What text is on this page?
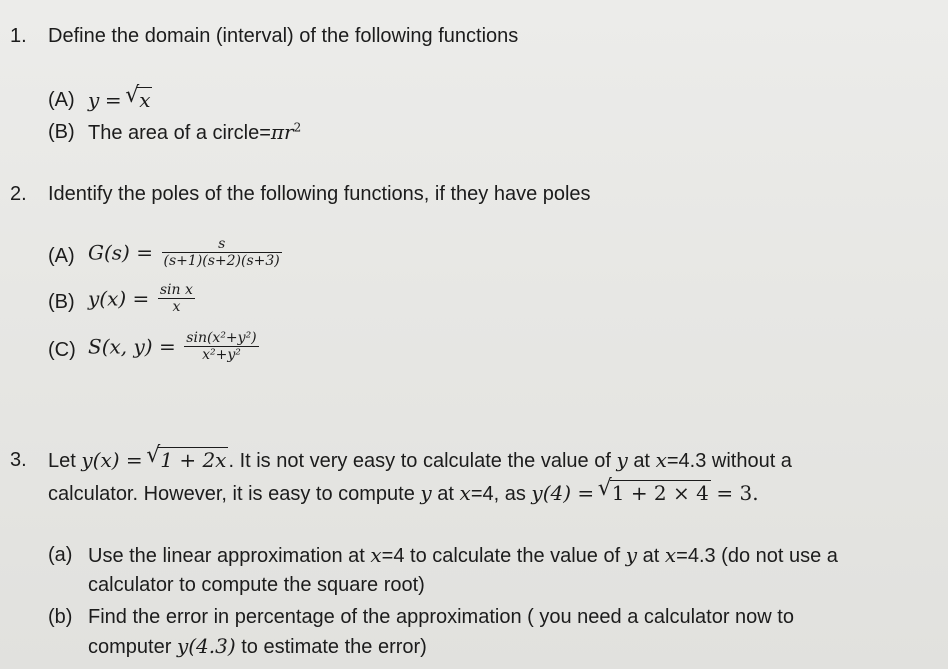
1.	Define the domain (interval) of the following functions
(A) y = √ x
(B) The area of a $circle=\pi r^2$
2.	Identify the poles of the following functions, if they have poles
(A) $G(s) = \frac{s}{(s+1)(s+2)(s+3)}$
(B) $y(x) = \frac{\text{sin x}}{x}$
(C) S(x, $y) = \frac{\text{sin(x²+y²)}}{\text{x²+y²}}$
3.	Let y(x) = √ 1 + 2x . It is not very easy to calculate the value of y at x=4.3 without a
calculator. However, it is easy to compute y at x=4, as y(4) = √ 1 + 2 × 4 = 3.
(a) Use the linear approximation at x=4 to calculate the value of y at x=4.3 (do not use a
calculator to compute the square root)
(b) Find the error in percentage of the approximation ( you need a calculator now to
computer y(4.3) to estimate the error)
